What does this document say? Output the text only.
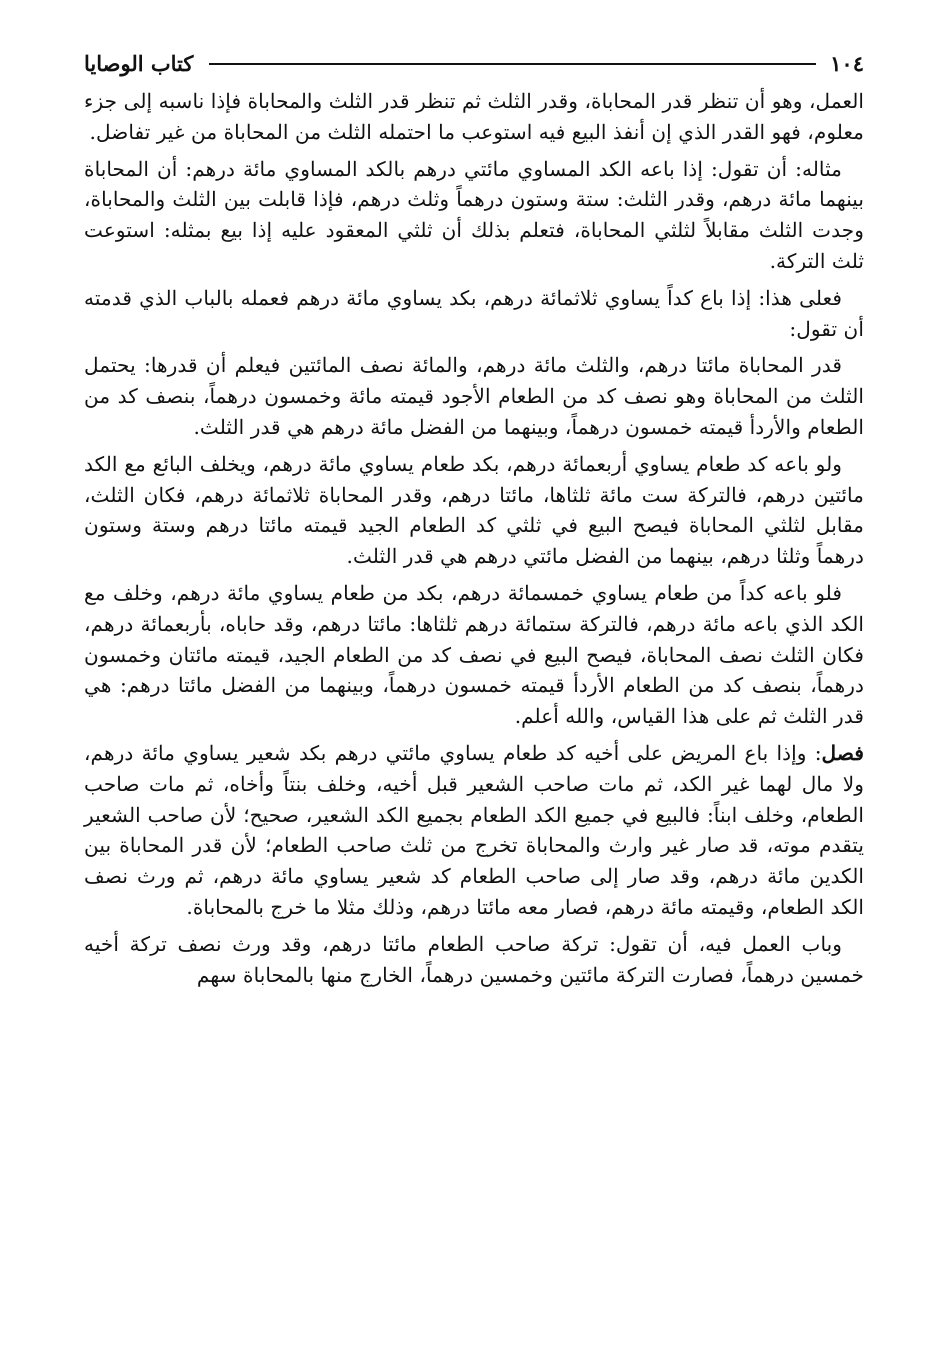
١٠٤
كتاب الوصايا

العمل، وهو أن تنظر قدر المحاباة، وقدر الثلث ثم تنظر قدر الثلث والمحاباة فإذا ناسبه إلى جزء معلوم، فهو القدر الذي إن أنفذ البيع فيه استوعب ما احتمله الثلث من المحاباة من غير تفاضل.

مثاله: أن تقول: إذا باعه الكد المساوي مائتي درهم بالكد المساوي مائة درهم: أن المحاباة بينهما مائة درهم، وقدر الثلث: ستة وستون درهماً وثلث درهم، فإذا قابلت بين الثلث والمحاباة، وجدت الثلث مقابلاً لثلثي المحاباة، فتعلم بذلك أن ثلثي المعقود عليه إذا بيع بمثله: استوعت ثلث التركة.

فعلى هذا: إذا باع كداً يساوي ثلاثمائة درهم، بكد يساوي مائة درهم فعمله بالباب الذي قدمته أن تقول:

قدر المحاباة مائتا درهم، والثلث مائة درهم، والمائة نصف المائتين فيعلم أن قدرها: يحتمل الثلث من المحاباة وهو نصف كد من الطعام الأجود قيمته مائة وخمسون درهماً، بنصف كد من الطعام والأردأ قيمته خمسون درهماً، وبينهما من الفضل مائة درهم هي قدر الثلث.

ولو باعه كد طعام يساوي أربعمائة درهم، بكد طعام يساوي مائة درهم، ويخلف البائع مع الكد مائتين درهم، فالتركة ست مائة ثلثاها، مائتا درهم، وقدر المحاباة ثلاثمائة درهم، فكان الثلث، مقابل لثلثي المحاباة فيصح البيع في ثلثي كد الطعام الجيد قيمته مائتا درهم وستة وستون درهماً وثلثا درهم، بينهما من الفضل مائتي درهم هي قدر الثلث.

فلو باعه كداً من طعام يساوي خمسمائة درهم، بكد من طعام يساوي مائة درهم، وخلف مع الكد الذي باعه مائة درهم، فالتركة ستمائة درهم ثلثاها: مائتا درهم، وقد حاباه، بأربعمائة درهم، فكان الثلث نصف المحاباة، فيصح البيع في نصف كد من الطعام الجيد، قيمته مائتان وخمسون درهماً، بنصف كد من الطعام الأردأ قيمته خمسون درهماً، وبينهما من الفضل مائتا درهم: هي قدر الثلث ثم على هذا القياس، والله أعلم.

فصل: وإذا باع المريض على أخيه كد طعام يساوي مائتي درهم بكد شعير يساوي مائة درهم، ولا مال لهما غير الكد، ثم مات صاحب الشعير قبل أخيه، وخلف بنتاً وأخاه، ثم مات صاحب الطعام، وخلف ابناً: فالبيع في جميع الكد الطعام بجميع الكد الشعير، صحيح؛ لأن صاحب الشعير يتقدم موته، قد صار غير وارث والمحاباة تخرج من ثلث صاحب الطعام؛ لأن قدر المحاباة بين الكدين مائة درهم، وقد صار إلى صاحب الطعام كد شعير يساوي مائة درهم، ثم ورث نصف الكد الطعام، وقيمته مائة درهم، فصار معه مائتا درهم، وذلك مثلا ما خرج بالمحاباة.

وباب العمل فيه، أن تقول: تركة صاحب الطعام مائتا درهم، وقد ورث نصف تركة أخيه خمسين درهماً، فصارت التركة مائتين وخمسين درهماً، الخارج منها بالمحاباة سهم
